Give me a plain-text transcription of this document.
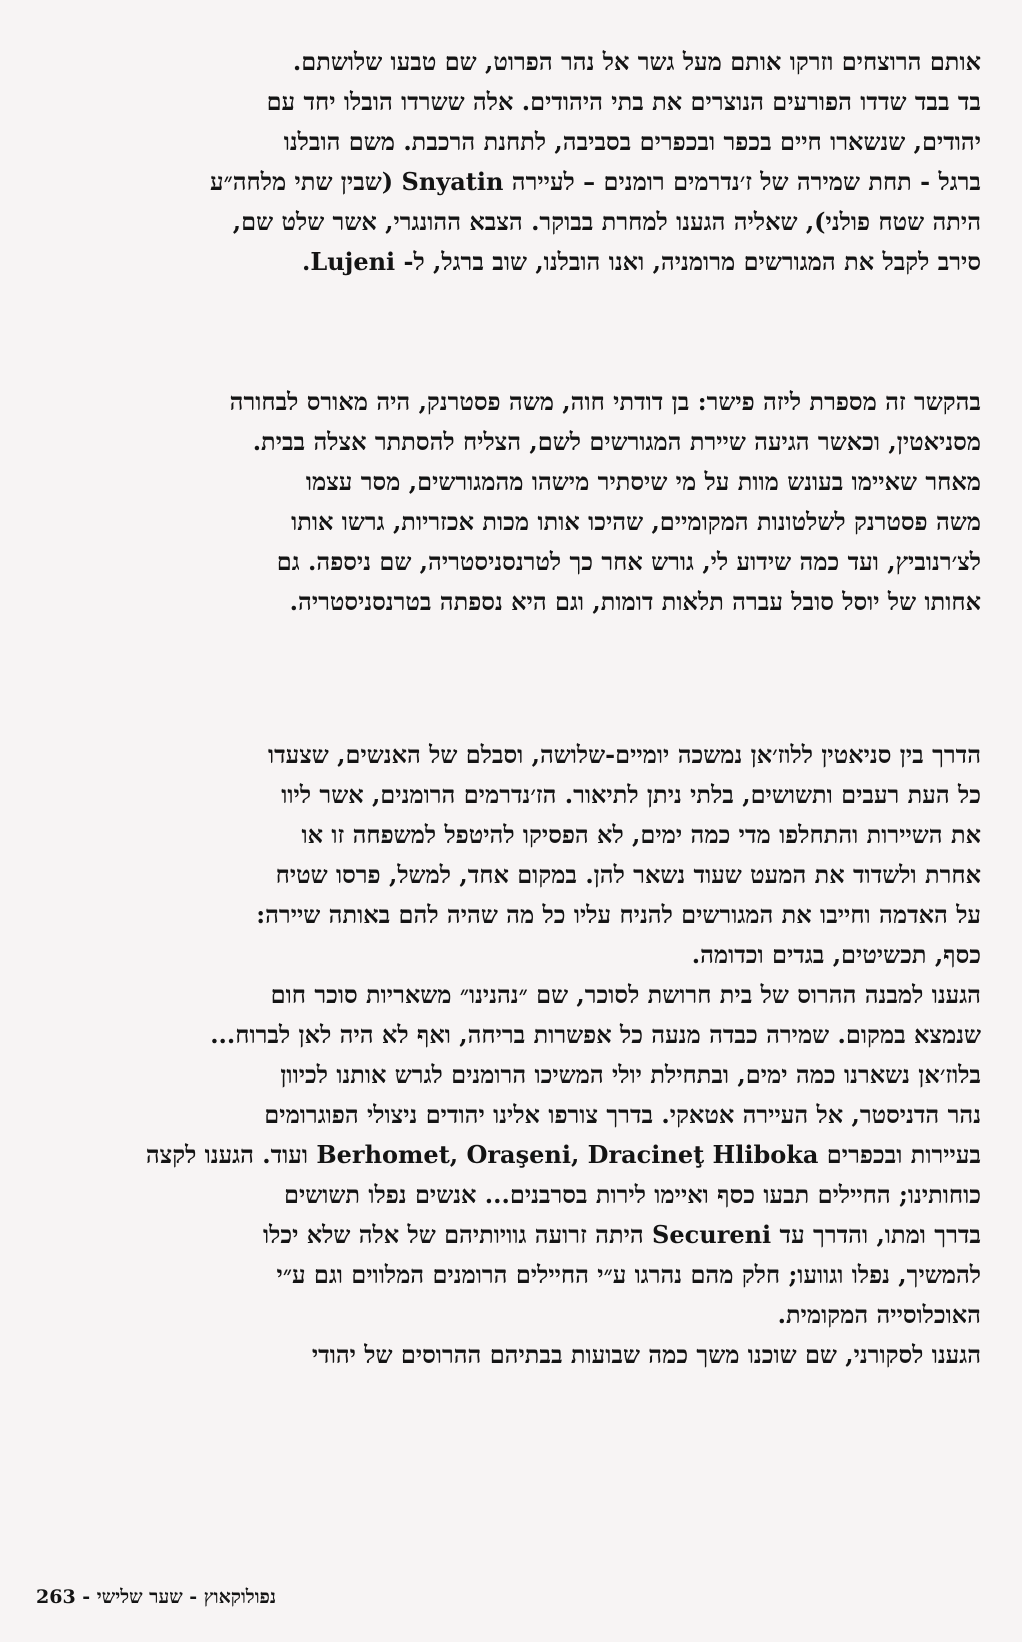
אותם הרוצחים וזרקו אותם מעל גשר אל נהר הפרוט, שם טבעו שלושתם.
בד בבד שדדו הפורעים הנוצרים את בתי היהודים. אלה ששרדו הובלו יחד עם
יהודים, שנשארו חיים בכפר ובכפרים בסביבה, לתחנת הרכבת. משם הובלנו
ברגל - תחת שמירה של ז׳נדרמים רומנים – לעיירה Snyatin (שבין שתי מלחה״ע
היתה שטח פולני), שאליה הגענו למחרת בבוקר. הצבא ההונגרי, אשר שלט שם,
סירב לקבל את המגורשים מרומניה, ואנו הובלנו, שוב ברגל, ל- Lujeni.
בהקשר זה מספרת ליזה פישר: בן דודתי חוה, משה פסטרנק, היה מאורס לבחורה
מסניאטין, וכאשר הגיעה שיירת המגורשים לשם, הצליח להסתתר אצלה בבית.
מאחר שאיימו בעונש מוות על מי שיסתיר מישהו מהמגורשים, מסר עצמו
משה פסטרנק לשלטונות המקומיים, שהיכו אותו מכות אכזריות, גרשו אותו
לצ׳רנוביץ, ועד כמה שידוע לי, גורש אחר כך לטרנסניסטריה, שם ניספה. גם
אחותו של יוסל סובל עברה תלאות דומות, וגם היא נספתה בטרנסניסטריה.
הדרך בין סניאטין ללוז׳אן נמשכה יומיים-שלושה, וסבלם של האנשים, שצעדו
כל העת רעבים ותשושים, בלתי ניתן לתיאור. הז׳נדרמים הרומנים, אשר ליוו
את השיירות והתחלפו מדי כמה ימים, לא הפסיקו להיטפל למשפחה זו או
אחרת ולשדוד את המעט שעוד נשאר להן. במקום אחד, למשל, פרסו שטיח
על האדמה וחייבו את המגורשים להניח עליו כל מה שהיה להם באותה שיירה:
כסף, תכשיטים, בגדים וכדומה.
הגענו למבנה ההרוס של בית חרושת לסוכר, שם ״נהנינו״ משאריות סוכר חום
שנמצא במקום. שמירה כבדה מנעה כל אפשרות בריחה, ואף לא היה לאן לברוח...
בלוז׳אן נשארנו כמה ימים, ובתחילת יולי המשיכו הרומנים לגרש אותנו לכיוון
נהר הדניסטר, אל העיירה אטאקי. בדרך צורפו אלינו יהודים ניצולי הפוגרומים
בעיירות ובכפרים Berhomet, Oraşeni, Dracineţ Hliboka ועוד. הגענו לקצה
כוחותינו; החיילים תבעו כסף ואיימו לירות בסרבנים... אנשים נפלו תשושים
בדרך ומתו, והדרך עד Secureni היתה זרועה גוויותיהם של אלה שלא יכלו
להמשיך, נפלו וגוועו; חלק מהם נהרגו ע״י החיילים הרומנים המלווים וגם ע״י
האוכלוסייה המקומית.
הגענו לסקורני, שם שוכנו משך כמה שבועות בבתיהם ההרוסים של יהודי
נפולוקאוץ - שער שלישי - 263
